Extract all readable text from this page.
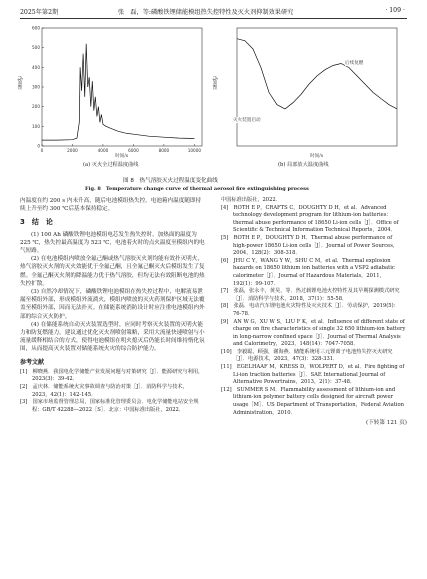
2025年第2期	张　磊，等:磷酸铁锂储能模组热失控特性及灭火剂抑制效果研究	· 109 ·
600
500
400
300
200
100
0
0	2000	4000	6000	8000	10000
温度/℃
时间/s
(a) 灭火全过程温度曲线
温度/℃
时间/s
灭火装置启动
后续复燃
(b) 局部放大温度曲线
图 8　热气溶胶灭火过程温度变化曲线
Fig. 8　Temperature change curve of thermal aerosol fire extinguishing process

内温度在约 200 s 内未升高，随后电池模组热失控，电池箱内温度随即持续上升至约 300 ℃后基本保持稳定。

3　结　论

(1) 100 Ah 磷酸铁锂电池模组电芯发生热失控时，加热面的温度为 225 ℃，热失控最高温度为 523 ℃，电池着火时的点火温度至模组内的电气短路。

(2) 在电池模组内喷放全氟己酮或热气溶胶灭火剂均能有效扑灭明火，热气溶胶灭火剂的灭火效能优于全氟己酮，且全氟己酮灭火后模组发生了复燃。全氟己酮灭火剂的降温能力优于热气溶胶，但均无法有效阻断电池的热失控扩散。

(3) 自然冷却情况下，磷酸铁锂电池模组在热失控过程中，电解液易泄漏至模组外部，形成模组外流淌火，模组内喷放的灭火药剂保护区域无法覆盖至模组外部，因而无法扑灭。在储能系统消防设计时应注重电池模组内外部的综合灭火防护。

(4) 在储能系统自动灭火装置选型时，应同时考察灭火装置的灭明火能力和防复燃能力，建议通过优化灭火剂喷射策略，采用大流量快速喷射与小流量缓释相结合的方式，使得电池模组在明火熄灭后仍能长时间维持惰化氛围，从而提高灭火装置对储能系统火灾的综合防护能力。

参考文献

[1]　柳晓燕．我国电化学储能产业发展问题与对策研究［J］．能源研究与利用，2023(3)：39-42．

[2]　孟庆林．储能系统火灾事故调查与防治对策［J］．消防科学与技术，2023，42(1)：142-145．

[3]　国家市场监督管理总局，国家标准化管理委员会．电化学储能电站安全规程：GB/T 42288—2022［S］．北京：中国标准出版社，2022．

中国标准出版社，2022．

[4]　ROTH E P，CRAFTS C，DOUGHTY D H，et al．Advanced technology development program for lithium-ion batteries：thermal abuse performance of 18650 Li-ion cells［J］．Office of Scientific & Technical Information Technical Reports，2004．

[5]　ROTH E P，DOUGHTY D H．Thermal abuse performance of high-power 18650 Li-ion cells［J］．Journal of Power Sources，2004，128(2)：308-318．

[6]　JHU C Y，WANG Y W，SHU C M，et al．Thermal explosion hazards on 18650 lithium ion batteries with a VSP2 adiabatic calorimeter［J］．Journal of Hazardous Materials，2011，192(1)：99-107．

[7]　张磊，张永丰，黄昊，等．热过载锂电池火控特性及其早期探测模式研究［J］．消防科学与技术，2018，37(1)：55-58．

[8]　张磊．电动汽车锂电池火灾特性及灭火技术［J］．劳动保护，2019(5)：76-78．

[9]　AN W G，XU W S，LIU F K，et al．Influence of different state of charge on fire characteristics of single 32 650 lithium-ion battery in long-narrow confined space［J］．Journal of Thermal Analysis and Calorimetry，2023，148(14)：7047-7058．

[10]　李毅聪，顾强，谢海燕．储能系统用三元锂离子电池热失控灭火研究［J］．电源技术，2023，47(3)：328-331．

[11]　EGELHAAF M，KRESS D，WOLPERT D，et al．Fire fighting of Li-ion traction batteries［J］．SAE International Journal of Alternative Powertrains，2013，2(1)：37-48．

[12]　SUMMER S M．Flammability assessment of lithium-ion and lithium-ion polymer battery cells designed for aircraft power usage［M］．US Department of Transportation，Federal Aviation Administration，2010．

(下转第 121 页)
